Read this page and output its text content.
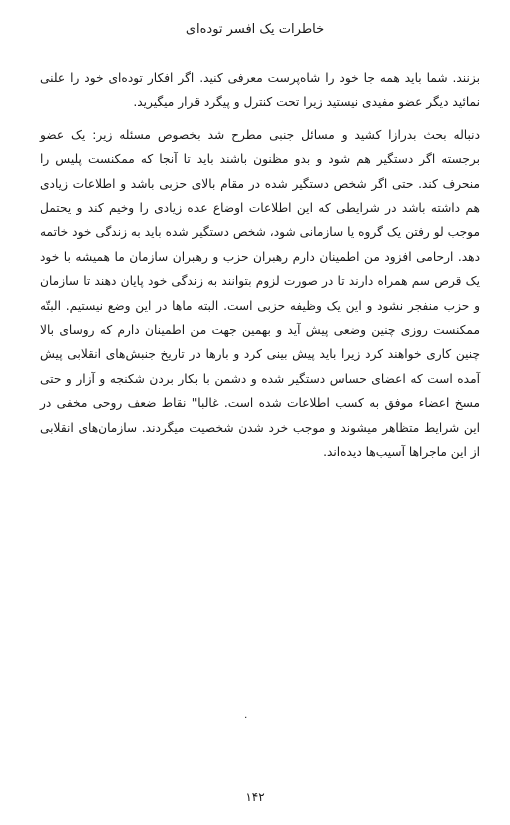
خاطرات یک افسر توده‌ای

بزنند. شما باید همه جا خود را شاه‌پرست معرفی کنید. اگر افکار توده‌ای خود را علنی نمائید دیگر عضو مفیدی نیستید زیرا تحت کنترل و پیگرد قرار میگیرید.

دنباله بحث بدرازا کشید و مسائل جنبی مطرح شد بخصوص مسئله زیر: یک عضو برجسته اگر دستگیر هم شود و بدو مظنون باشند باید تا آنجا که ممکنست پلیس را منحرف کند. حتی اگر شخص دستگیر شده در مقام بالای حزبی باشد و اطلاعات زیادی هم داشته باشد در شرایطی که این اطلاعات اوضاع عده زیادی را وخیم کند و یحتمل موجب لو رفتن یک گروه یا سازمانی شود، شخص دستگیر شده باید به زندگی خود خاتمه دهد. ارحامی افزود من اطمینان دارم رهبران حزب و رهبران سازمان ما همیشه با خود یک قرص سم همراه دارند تا در صورت لزوم بتوانند به زندگی خود پایان دهند تا سازمان و حزب منفجر نشود و این یک وظیفه حزبی است. البته ماها در این وضع نیستیم. البتّه ممکنست روزی چنین وضعی پیش آید و بهمین جهت من اطمینان دارم که روسای بالا چنین کاری خواهند کرد زیرا باید پیش بینی کرد و بارها در تاریخ جنبش‌های انقلابی پیش آمده است که اعضای حساس دستگیر شده و دشمن با بکار بردن شکنجه و آزار و حتی مسخ اعضاء موفق به کسب اطلاعات شده است. غالبا" نقاط ضعف روحی مخفی در این شرایط متظاهر میشوند و موجب خرد شدن شخصیت میگردند. سازمان‌های انقلابی از این ماجراها آسیب‌ها دیده‌اند.

۰
۱۴۲
